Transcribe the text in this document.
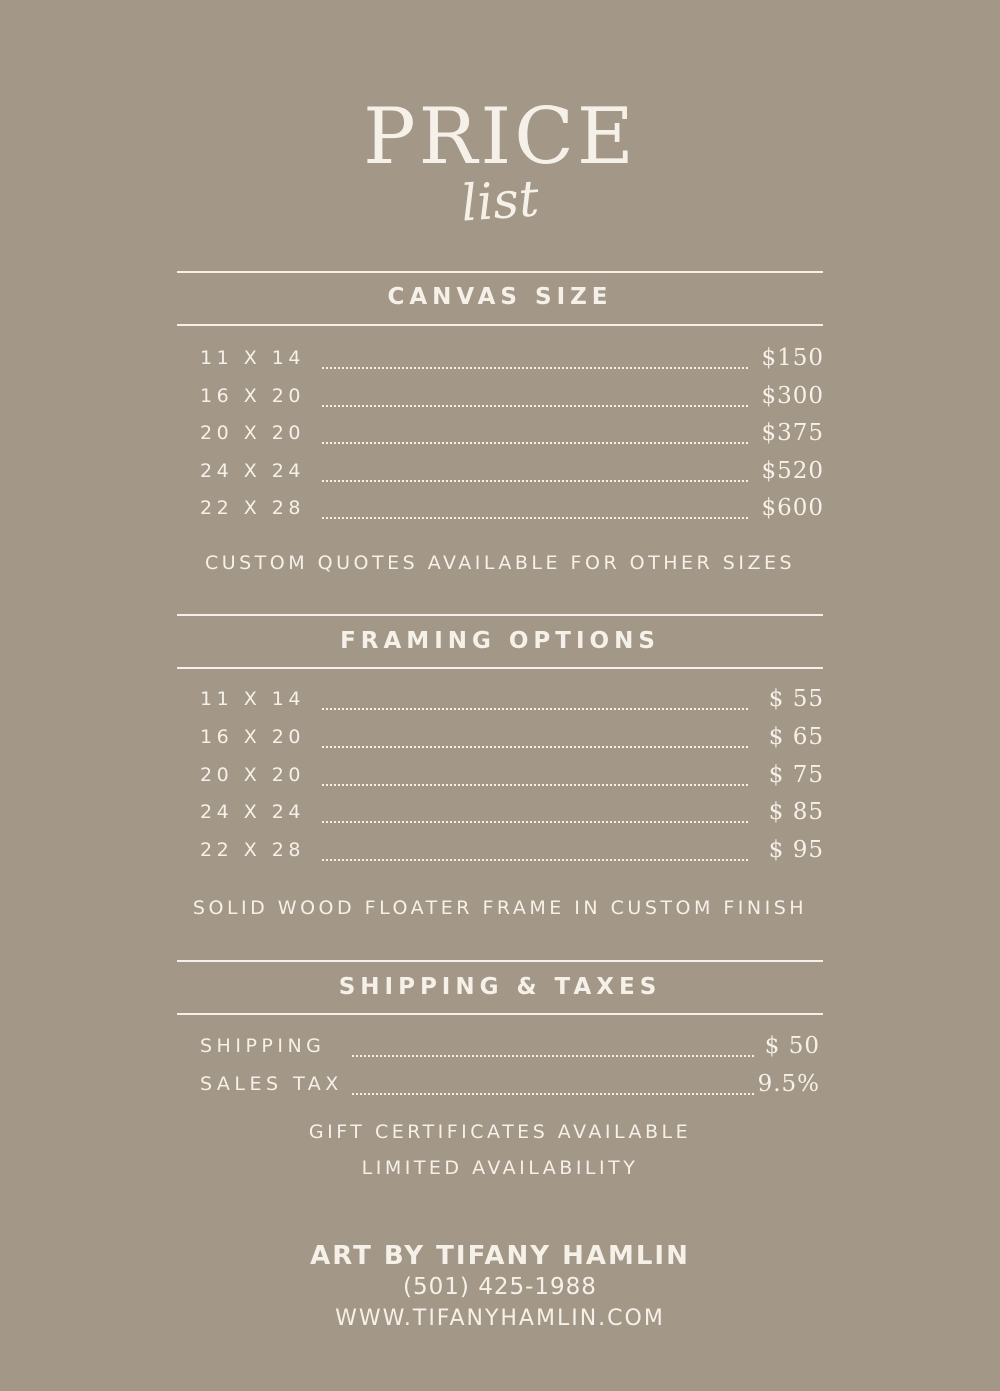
PRICE
list
CANVAS SIZE
11 X 14	$150
16 X 20	$300
20 X 20	$375
24 X 24	$520
22 X 28	$600
CUSTOM QUOTES AVAILABLE FOR OTHER SIZES
FRAMING OPTIONS
11 X 14	$ 55
16 X 20	$ 65
20 X 20	$ 75
24 X 24	$ 85
22 X 28	$ 95
SOLID WOOD FLOATER FRAME IN CUSTOM FINISH
SHIPPING & TAXES
SHIPPING	$ 50
SALES TAX	9.5%
GIFT CERTIFICATES AVAILABLE
LIMITED AVAILABILITY
ART BY TIFANY HAMLIN
(501) 425-1988
WWW.TIFANYHAMLIN.COM
